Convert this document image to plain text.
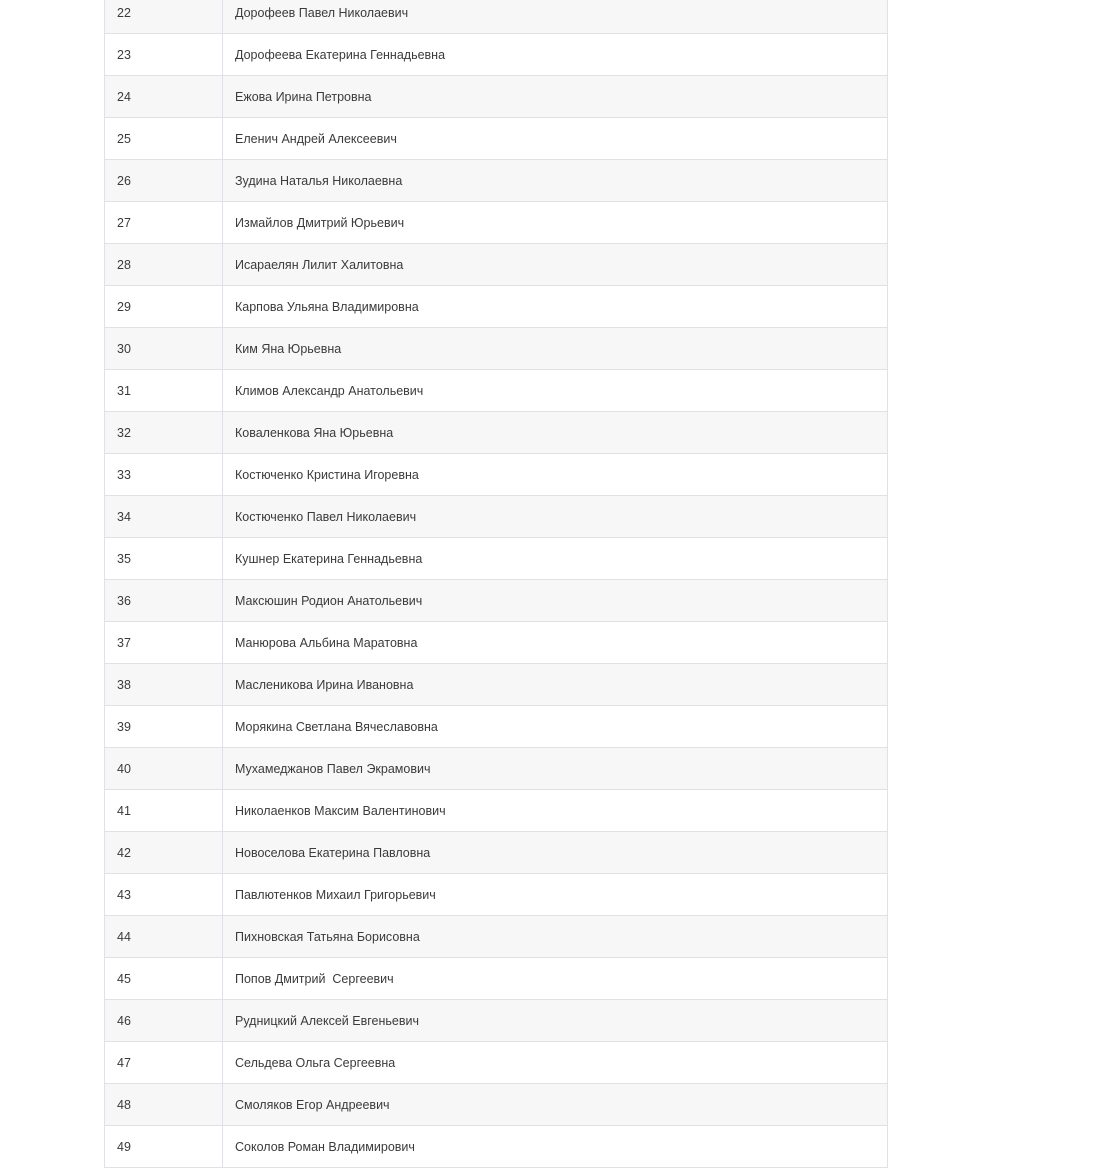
22	Дорофеев Павел Николаевич
23	Дорофеева Екатерина Геннадьевна
24	Ежова Ирина Петровна
25	Еленич Андрей Алексеевич
26	Зудина Наталья Николаевна
27	Измайлов Дмитрий Юрьевич
28	Исараелян Лилит Халитовна
29	Карпова Ульяна Владимировна
30	Ким Яна Юрьевна
31	Климов Александр Анатольевич
32	Коваленкова Яна Юрьевна
33	Костюченко Кристина Игоревна
34	Костюченко Павел Николаевич
35	Кушнер Екатерина Геннадьевна
36	Максюшин Родион Анатольевич
37	Манюрова Альбина Маратовна
38	Масленикова Ирина Ивановна
39	Морякина Светлана Вячеславовна
40	Мухамеджанов Павел Экрамович
41	Николаенков Максим Валентинович
42	Новоселова Екатерина Павловна
43	Павлютенков Михаил Григорьевич
44	Пихновская Татьяна Борисовна
45	Попов Дмитрий  Сергеевич
46	Рудницкий Алексей Евгеньевич
47	Сельдева Ольга Сергеевна
48	Смоляков Егор Андреевич
49	Соколов Роман Владимирович
